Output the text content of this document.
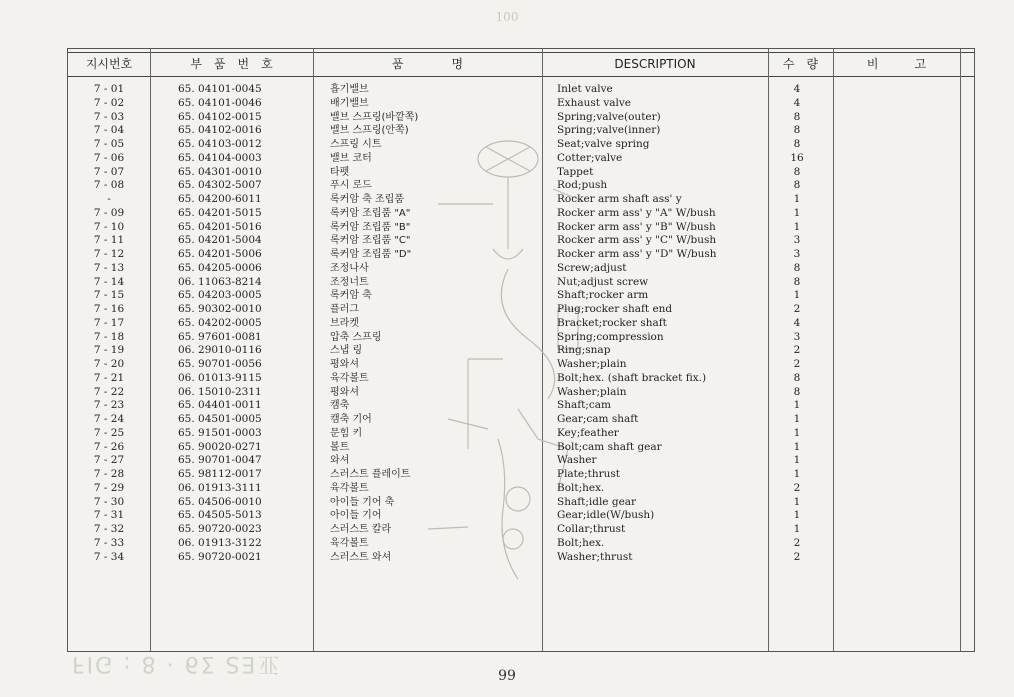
100
지시번호	부　품　번　호	품　　　　명	DESCRIPTION	수　량	비　　　고
7 - 01	65. 04101-0045	흡기밸브	Inlet valve	4
7 - 02	65. 04101-0046	배기밸브	Exhaust valve	4
7 - 03	65. 04102-0015	밸브 스프링(바깥쪽)	Spring;valve(outer)	8
7 - 04	65. 04102-0016	밸브 스프링(안쪽)	Spring;valve(inner)	8
7 - 05	65. 04103-0012	스프링 시트	Seat;valve spring	8
7 - 06	65. 04104-0003	밸브 코터	Cotter;valve	16
7 - 07	65. 04301-0010	타펫	Tappet	8
7 - 08	65. 04302-5007	푸시 로드	Rod;push	8
-	65. 04200-6011	록커암 축 조립품	Rocker arm shaft ass' y	1
7 - 09	65. 04201-5015	록커암 조립품 "A"	Rocker arm ass' y "A" W/bush	1
7 - 10	65. 04201-5016	록커암 조립품 "B"	Rocker arm ass' y "B" W/bush	1
7 - 11	65. 04201-5004	록커암 조립품 "C"	Rocker arm ass' y "C" W/bush	3
7 - 12	65. 04201-5006	록커암 조립품 "D"	Rocker arm ass' y "D" W/bush	3
7 - 13	65. 04205-0006	조정나사	Screw;adjust	8
7 - 14	06. 11063-8214	조정너트	Nut;adjust screw	8
7 - 15	65. 04203-0005	록커암 축	Shaft;rocker arm	1
7 - 16	65. 90302-0010	플러그	Plug;rocker shaft end	2
7 - 17	65. 04202-0005	브라켓	Bracket;rocker shaft	4
7 - 18	65. 97601-0081	압축 스프링	Spring;compression	3
7 - 19	06. 29010-0116	스냅 링	Ring;snap	2
7 - 20	65. 90701-0056	평와셔	Washer;plain	2
7 - 21	06. 01013-9115	육각볼트	Bolt;hex. (shaft bracket fix.)	8
7 - 22	06. 15010-2311	평와셔	Washer;plain	8
7 - 23	65. 04401-0011	캠축	Shaft;cam	1
7 - 24	65. 04501-0005	캠축 기어	Gear;cam shaft	1
7 - 25	65. 91501-0003	문힘 키	Key;feather	1
7 - 26	65. 90020-0271	볼트	Bolt;cam shaft gear	1
7 - 27	65. 90701-0047	와셔	Washer	1
7 - 28	65. 98112-0017	스러스트 플레이트	Plate;thrust	1
7 - 29	06. 01913-3111	육각볼트	Bolt;hex.	2
7 - 30	65. 04506-0010	아이들 기어 축	Shaft;idle gear	1
7 - 31	65. 04505-5013	아이들 기어	Gear;idle(W/bush)	1
7 - 32	65. 90720-0023	스러스트 칼라	Collar;thrust	1
7 - 33	06. 01913-3122	육각볼트	Bolt;hex.	2
7 - 34	65. 90720-0021	스러스트 와셔	Washer;thrust	2
FIG : 8 · 6Ʃ ƧƎ亚	99
